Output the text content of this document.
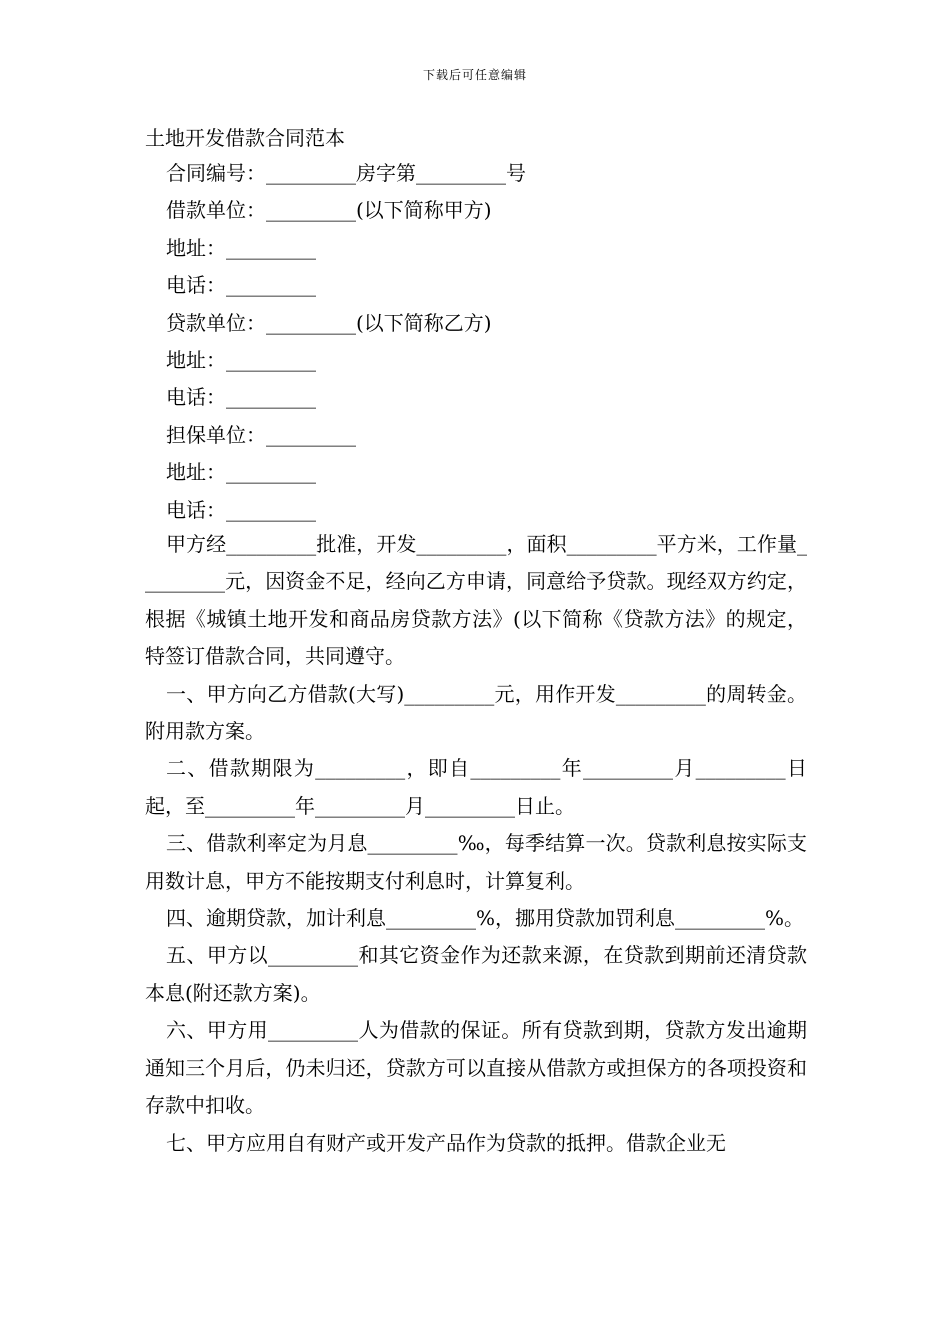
下载后可任意编辑
土地开发借款合同范本
合同编号：_________房字第_________号
借款单位：_________(以下简称甲方)
地址：_________
电话：_________
贷款单位：_________(以下简称乙方)
地址：_________
电话：_________
担保单位：_________
地址：_________
电话：_________

甲方经_________批准，开发_________，面积_________平方米，工作量_________元，因资金不足，经向乙方申请，同意给予贷款。现经双方约定，根据《城镇土地开发和商品房贷款方法》(以下简称《贷款方法》的规定，特签订借款合同，共同遵守。

一、甲方向乙方借款(大写)_________元，用作开发_________的周转金。附用款方案。

二、借款期限为_________，即自_________年_________月_________日起，至_________年_________月_________日止。

三、借款利率定为月息_________‰，每季结算一次。贷款利息按实际支用数计息，甲方不能按期支付利息时，计算复利。

四、逾期贷款，加计利息_________%，挪用贷款加罚利息_________%。

五、甲方以_________和其它资金作为还款来源，在贷款到期前还清贷款本息(附还款方案)。

六、甲方用_________人为借款的保证。所有贷款到期，贷款方发出逾期通知三个月后，仍未归还，贷款方可以直接从借款方或担保方的各项投资和存款中扣收。

七、甲方应用自有财产或开发产品作为贷款的抵押。借款企业无
